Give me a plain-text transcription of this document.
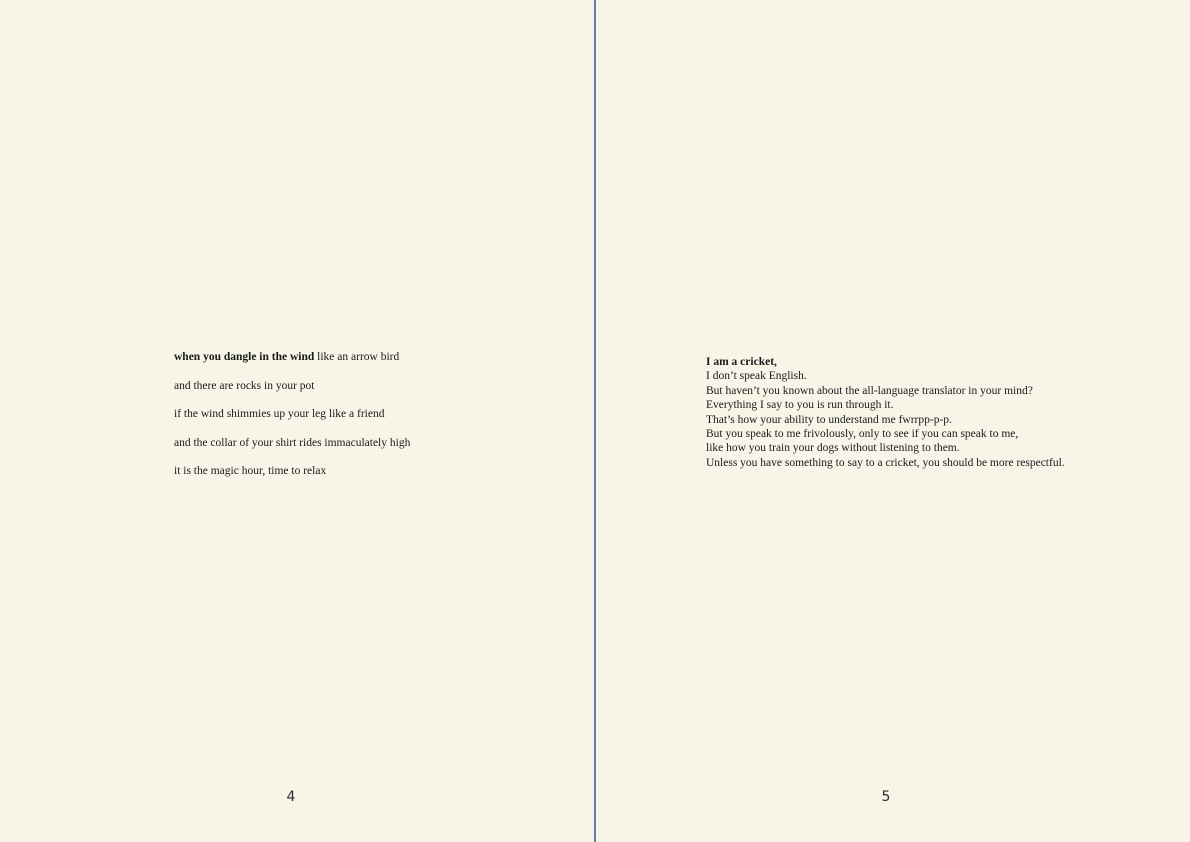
when you dangle in the wind like an arrow bird
and there are rocks in your pot
if the wind shimmies up your leg like a friend
and the collar of your shirt rides immaculately high
it is the magic hour, time to relax
4
I am a cricket,
I don’t speak English.
But haven’t you known about the all-language translator in your mind?
Everything I say to you is run through it.
That’s how your ability to understand me fwrrpp-p-p.
But you speak to me frivolously, only to see if you can speak to me,
like how you train your dogs without listening to them.
Unless you have something to say to a cricket, you should be more respectful.
5
